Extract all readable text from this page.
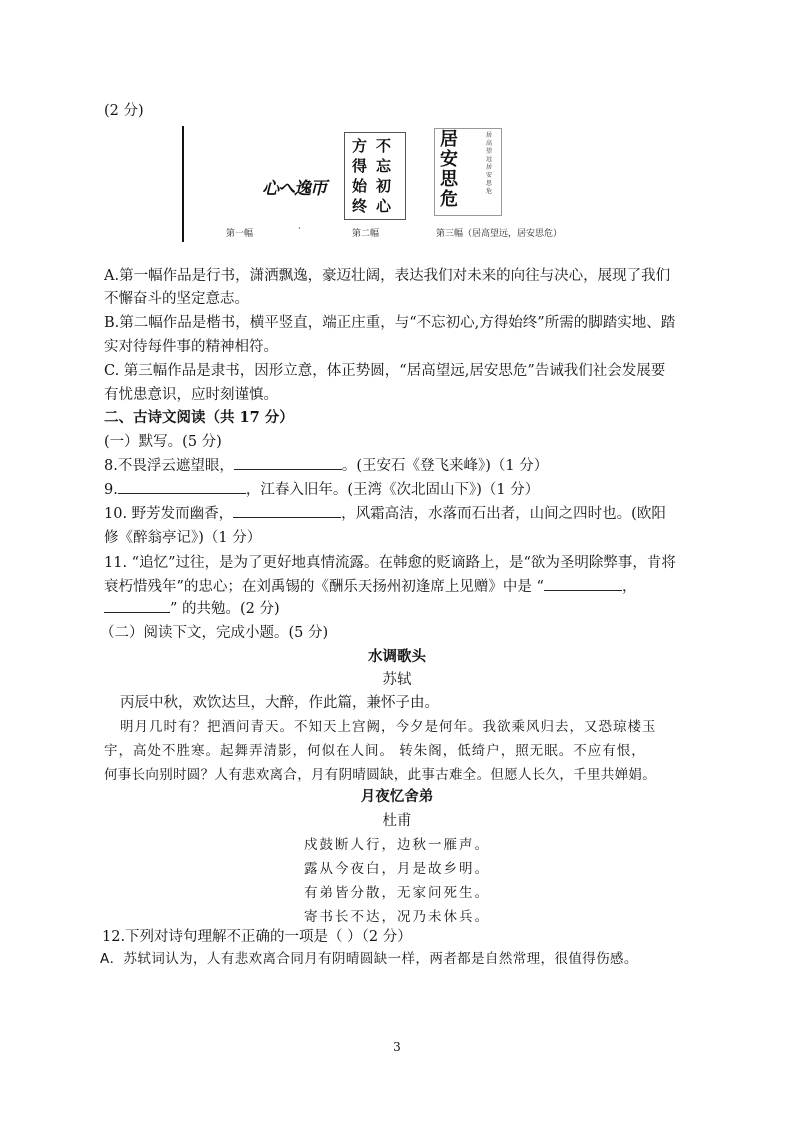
(2 分)
心へ逸帀
不忘初心
方得始终
居 安 思 危
居高望远居安思危
第一幅	·	第二幅	第三幅（居高望远，居安思危）
A.第一幅作品是行书，潇洒飘逸，豪迈壮阔，表达我们对未来的向往与决心，展现了我们
不懈奋斗的坚定意志。
B.第二幅作品是楷书，横平竖直，端正庄重，与“不忘初心,方得始终”所需的脚踏实地、踏
实对待每件事的精神相符。
C. 第三幅作品是隶书，因形立意，体正势圆，“居高望远,居安思危”告诫我们社会发展要
有忧患意识，应时刻谨慎。
二、古诗文阅读（共 17 分）
(一）默写。(5 分)
8.不畏浮云遮望眼，	。(王安石《登飞来峰》)（1 分）
9.	，江春入旧年。(王湾《次北固山下》)（1 分）
10. 野芳发而幽香，	，风霜高洁，水落而石出者，山间之四时也。(欧阳
修《醉翁亭记》)（1 分）
11. “追忆”过往，是为了更好地真情流露。在韩愈的贬谪路上，是“欲为圣明除弊事，肯将
衰朽惜残年”的忠心；在刘禹锡的《酬乐天扬州初逢席上见赠》中是 “	，
” 的共勉。(2 分)
（二）阅读下文，完成小题。(5 分)
水调歌头
苏轼
丙辰中秋，欢饮达旦，大醉，作此篇，兼怀子由。
明月几时有？把酒问青天。不知天上宫阙，今夕是何年。我欲乘风归去，又恐琼楼玉
宇，高处不胜寒。起舞弄清影，何似在人间。 转朱阁，低绮户，照无眠。不应有恨，
何事长向别时圆？人有悲欢离合，月有阴晴圆缺，此事古难全。但愿人长久，千里共婵娟。
月夜忆舍弟
杜甫
戍鼓断人行，边秋一雁声。
露从今夜白，月是故乡明。
有弟皆分散，无家问死生。
寄书长不达，况乃未休兵。
12.下列对诗句理解不正确的一项是（ ）（2 分）
A．苏轼词认为，人有悲欢离合同月有阴晴圆缺一样，两者都是自然常理，很值得伤感。
3
